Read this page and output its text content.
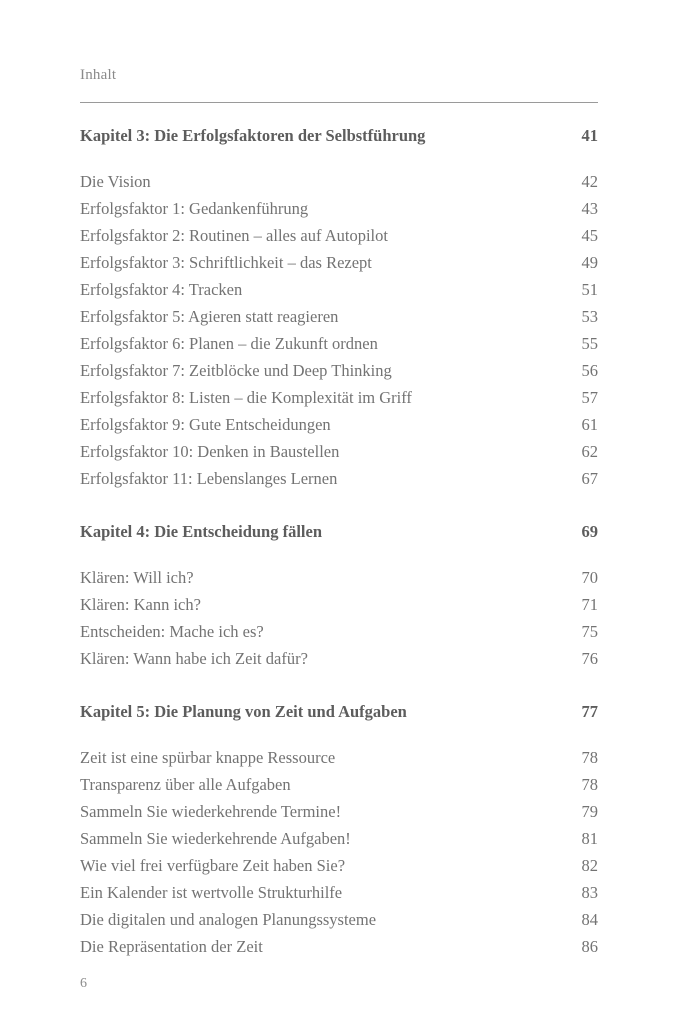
Inhalt
Kapitel 3: Die Erfolgsfaktoren der Selbstführung	41
Die Vision	42
Erfolgsfaktor 1: Gedankenführung	43
Erfolgsfaktor 2: Routinen – alles auf Autopilot	45
Erfolgsfaktor 3: Schriftlichkeit – das Rezept	49
Erfolgsfaktor 4: Tracken	51
Erfolgsfaktor 5: Agieren statt reagieren	53
Erfolgsfaktor 6: Planen – die Zukunft ordnen	55
Erfolgsfaktor 7: Zeitblöcke und Deep Thinking	56
Erfolgsfaktor 8: Listen – die Komplexität im Griff	57
Erfolgsfaktor 9: Gute Entscheidungen	61
Erfolgsfaktor 10: Denken in Baustellen	62
Erfolgsfaktor 11: Lebenslanges Lernen	67
Kapitel 4: Die Entscheidung fällen	69
Klären: Will ich?	70
Klären: Kann ich?	71
Entscheiden: Mache ich es?	75
Klären: Wann habe ich Zeit dafür?	76
Kapitel 5: Die Planung von Zeit und Aufgaben	77
Zeit ist eine spürbar knappe Ressource	78
Transparenz über alle Aufgaben	78
Sammeln Sie wiederkehrende Termine!	79
Sammeln Sie wiederkehrende Aufgaben!	81
Wie viel frei verfügbare Zeit haben Sie?	82
Ein Kalender ist wertvolle Strukturhilfe	83
Die digitalen und analogen Planungssysteme	84
Die Repräsentation der Zeit	86
6
